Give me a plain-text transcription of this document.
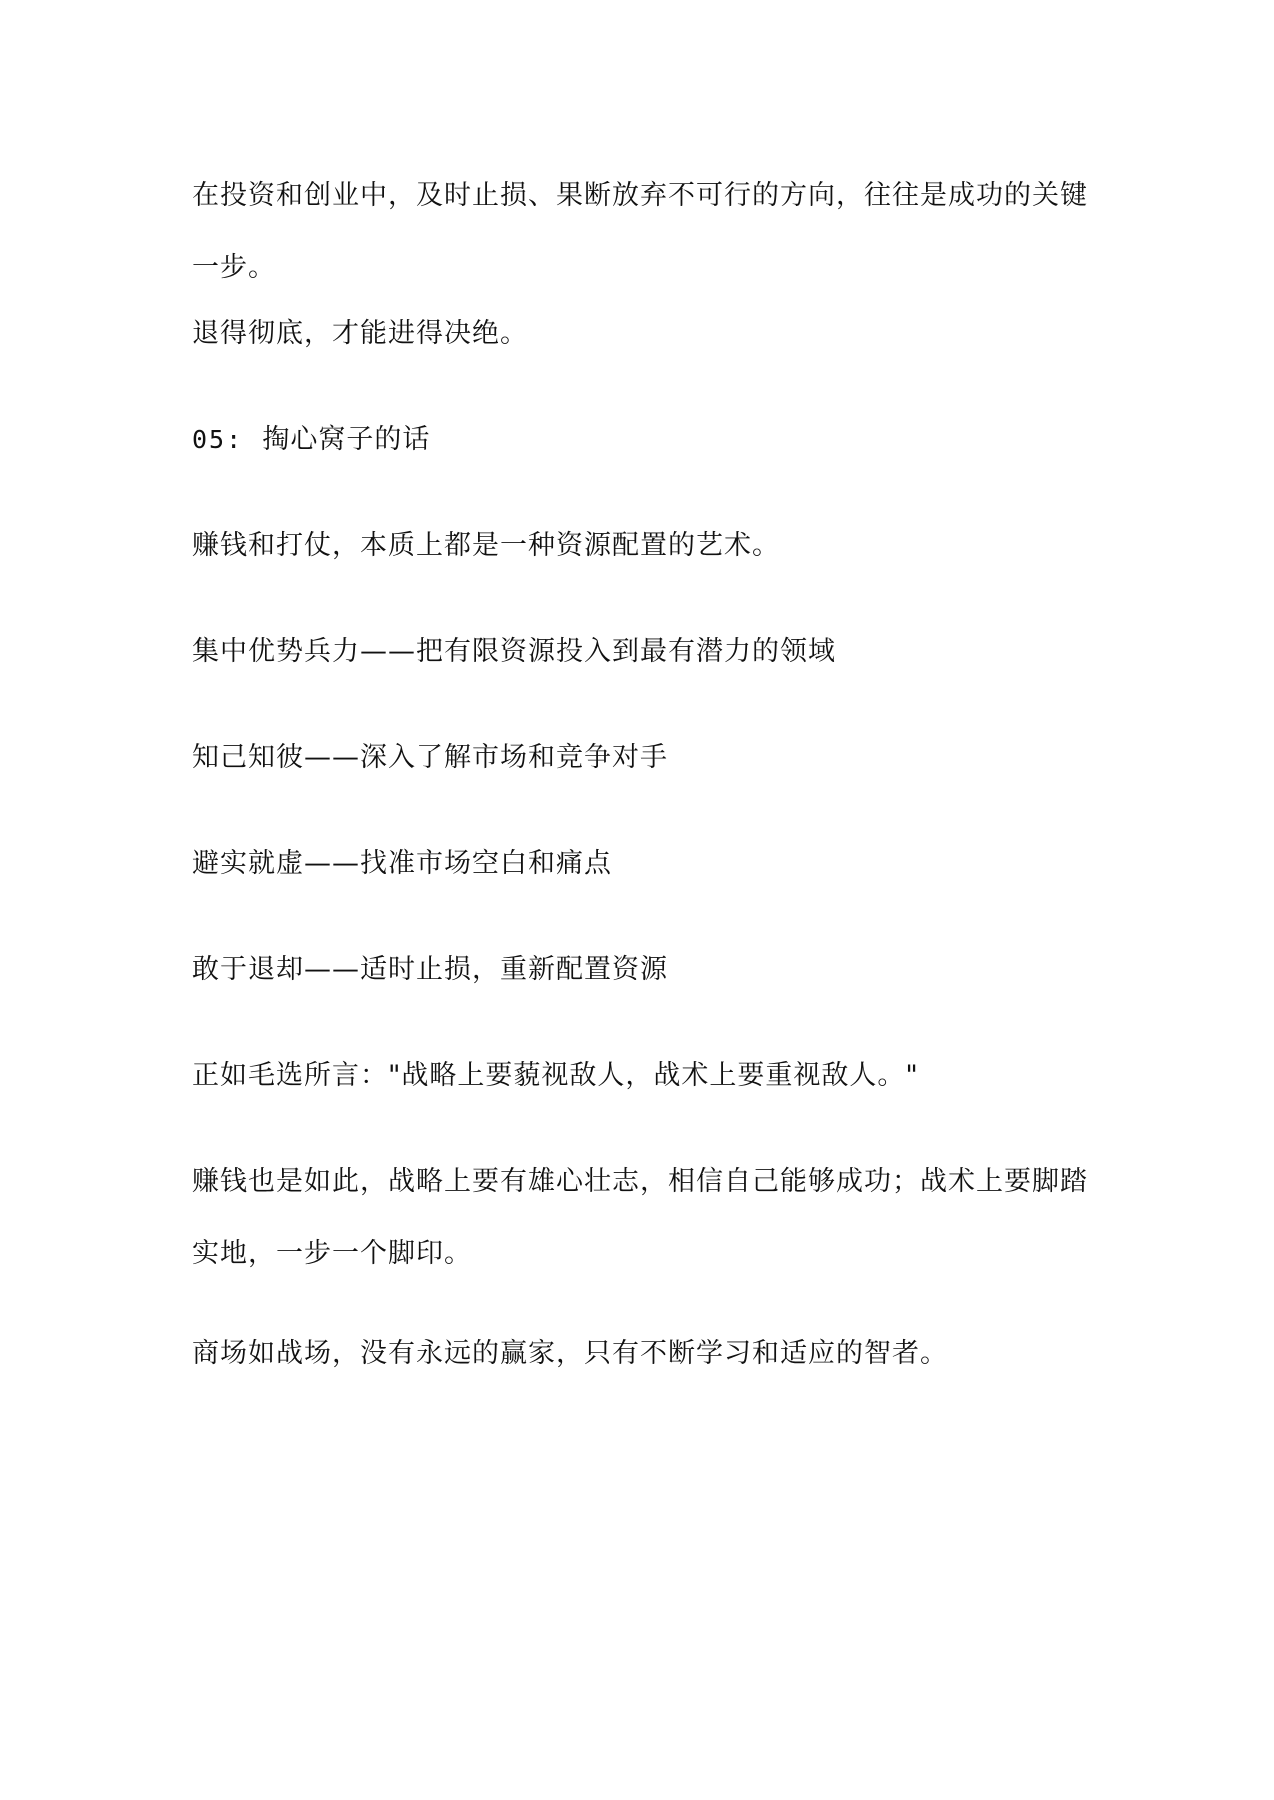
在投资和创业中，及时止损、果断放弃不可行的方向，往往是成功的关键一步。

退得彻底，才能进得决绝。

05: 掏心窝子的话

赚钱和打仗，本质上都是一种资源配置的艺术。

集中优势兵力——把有限资源投入到最有潜力的领域

知己知彼——深入了解市场和竞争对手

避实就虚——找准市场空白和痛点

敢于退却——适时止损，重新配置资源

正如毛选所言："战略上要藐视敌人，战术上要重视敌人。"

赚钱也是如此，战略上要有雄心壮志，相信自己能够成功；战术上要脚踏实地，一步一个脚印。

商场如战场，没有永远的赢家，只有不断学习和适应的智者。
